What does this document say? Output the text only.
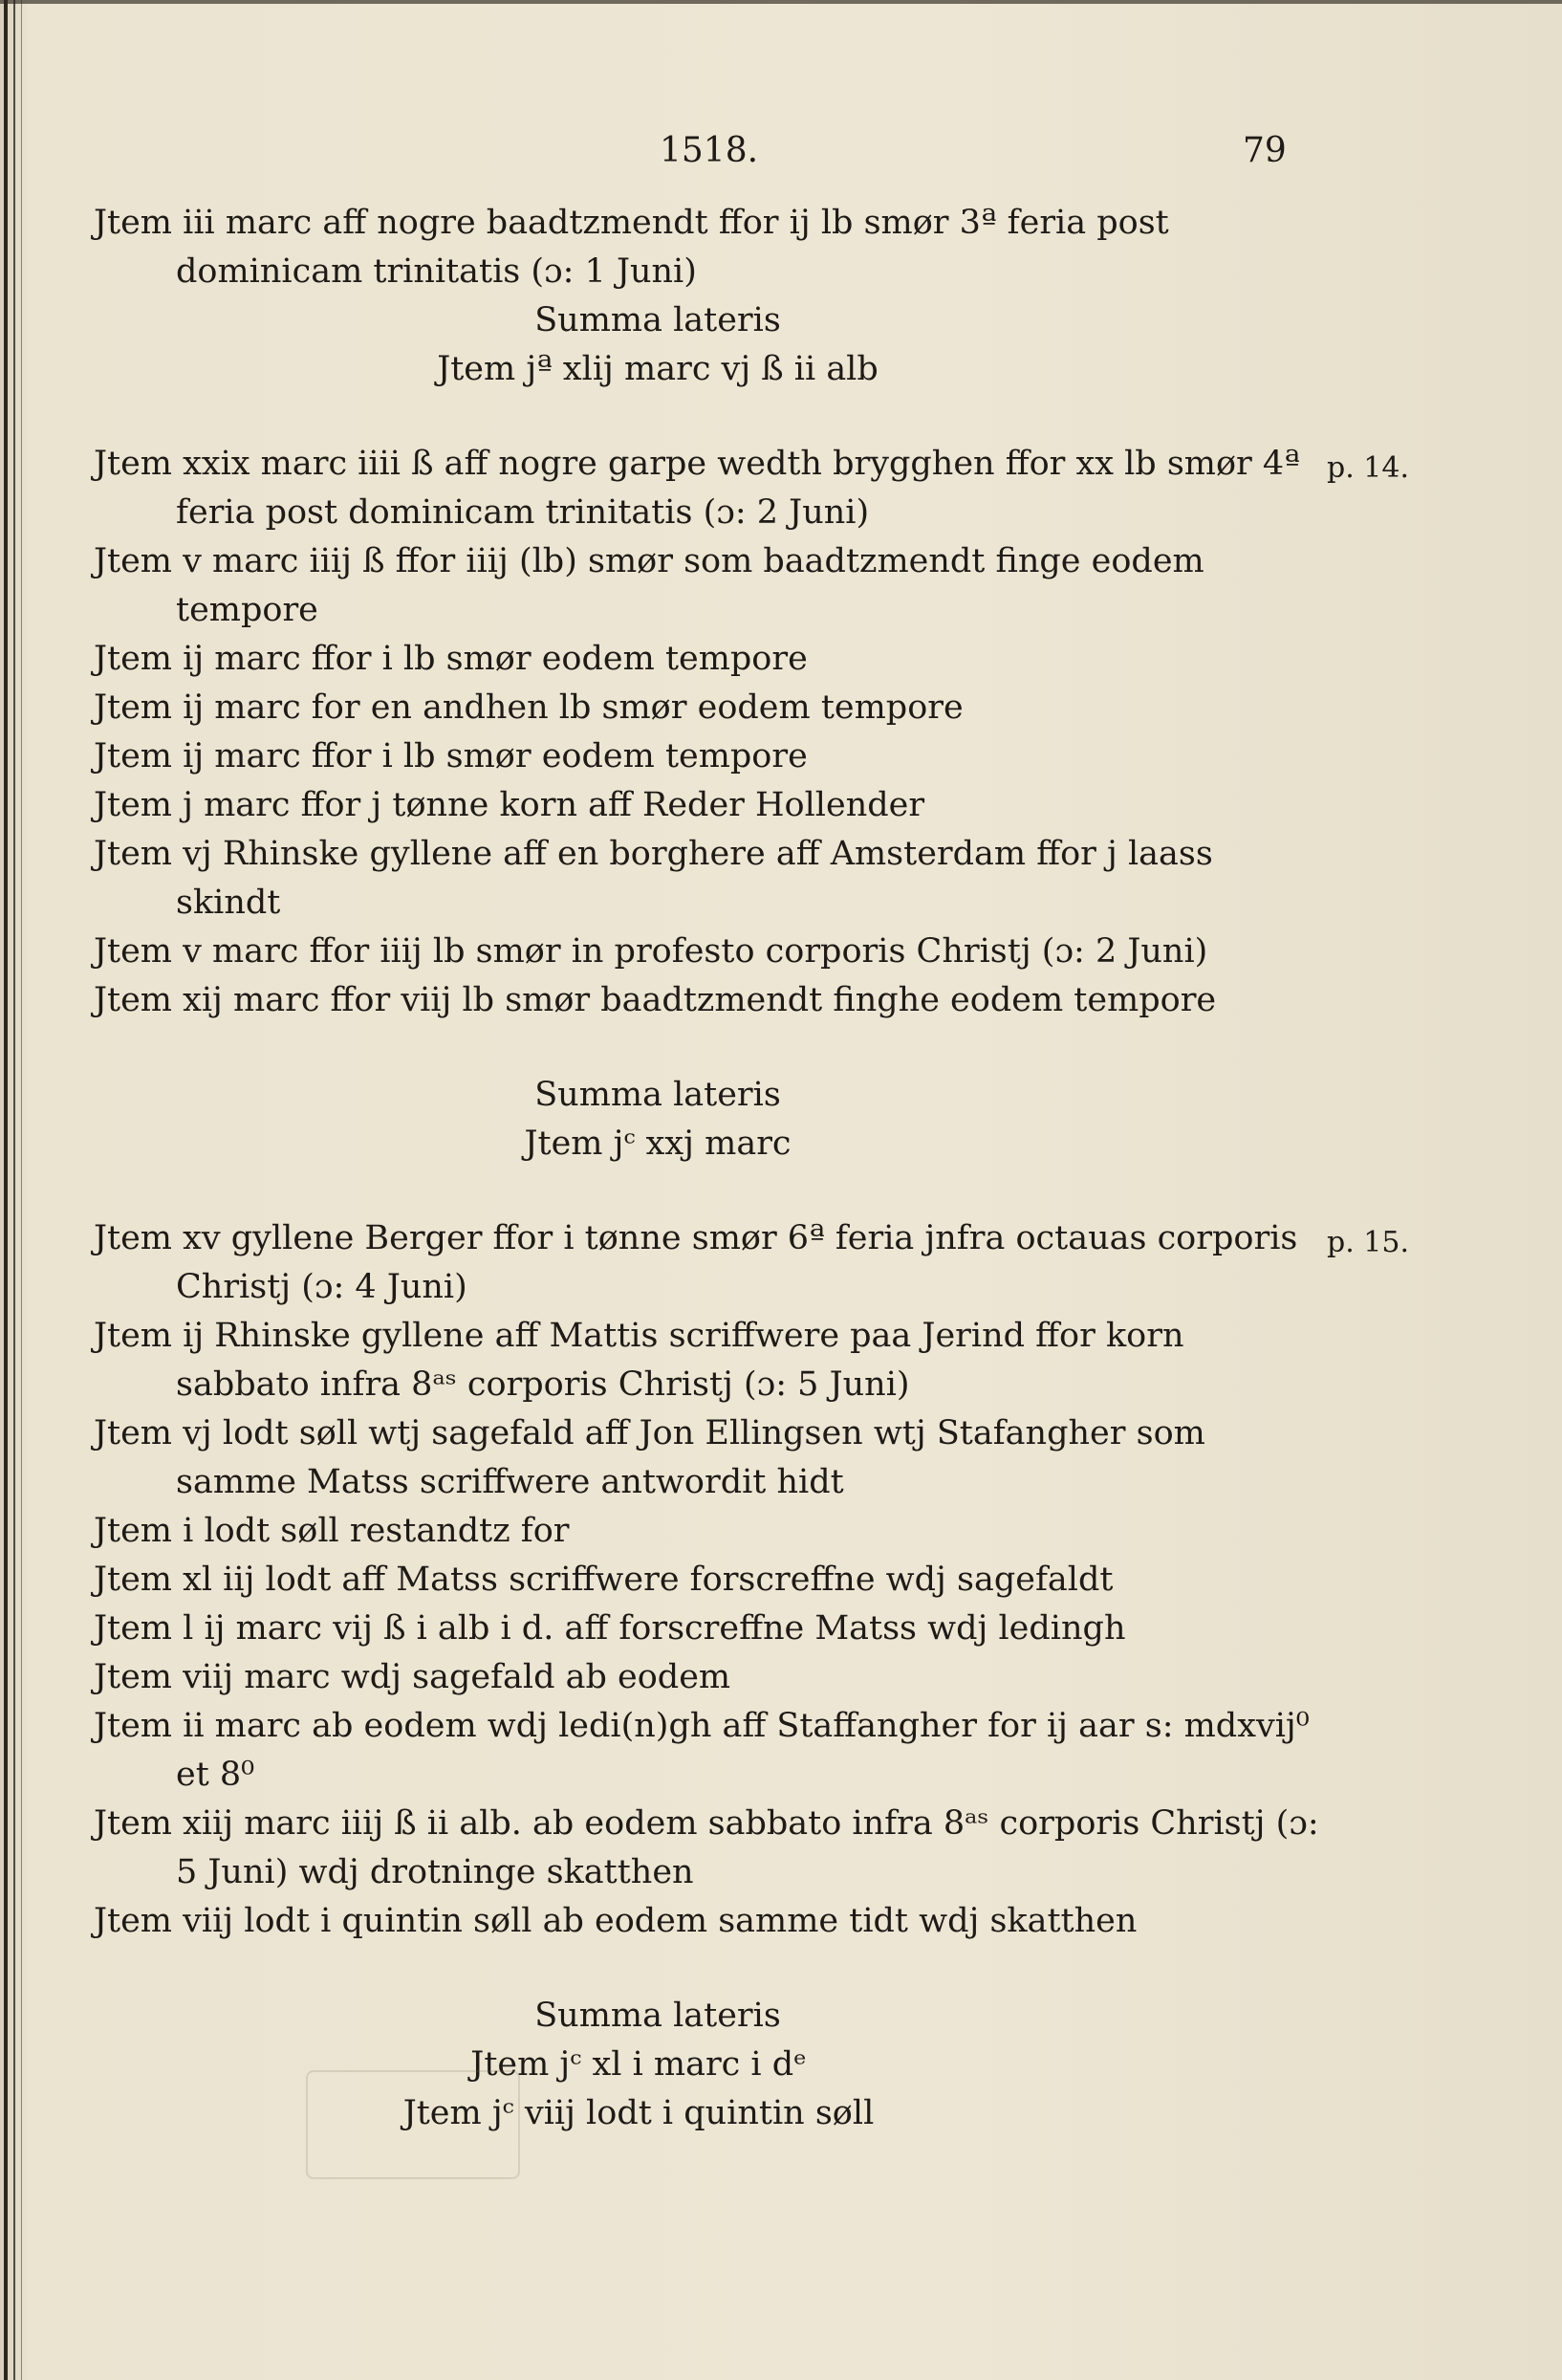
1518.	79
Jtem iii marc aff nogre baadtzmendt ffor ij lb smør 3ª feria post dominicam trinitatis (ɔ: 1 Juni)
Summa lateris
Jtem jª xlij marc vj ß ii alb
Jtem xxix marc iiii ß aff nogre garpe wedth brygghen ffor xx lb smør 4ª feria post dominicam trinitatis (ɔ: 2 Juni)
p. 14.
Jtem v marc iiij ß ffor iiij (lb) smør som baadtzmendt finge eodem tempore
Jtem ij marc ffor i lb smør eodem tempore
Jtem ij marc for en andhen lb smør eodem tempore
Jtem ij marc ffor i lb smør eodem tempore
Jtem j marc ffor j tønne korn aff Reder Hollender
Jtem vj Rhinske gyllene aff en borghere aff Amsterdam ffor j laass skindt
Jtem v marc ffor iiij lb smør in profesto corporis Christj (ɔ: 2 Juni)
Jtem xij marc ffor viij lb smør baadtzmendt finghe eodem tempore
Summa lateris
Jtem jᶜ xxj marc
Jtem xv gyllene Berger ffor i tønne smør 6ª feria jnfra octauas corporis Christj (ɔ: 4 Juni)
p. 15.
Jtem ij Rhinske gyllene aff Mattis scriffwere paa Jerind ffor korn sabbato infra 8ᵃˢ corporis Christj (ɔ: 5 Juni)
Jtem vj lodt søll wtj sagefald aff Jon Ellingsen wtj Stafangher som samme Matss scriffwere antwordit hidt
Jtem i lodt søll restandtz for
Jtem xl iij lodt aff Matss scriffwere forscreffne wdj sagefaldt
Jtem l ij marc vij ß i alb i d. aff forscreffne Matss wdj ledingh
Jtem viij marc wdj sagefald ab eodem
Jtem ii marc ab eodem wdj ledi(n)gh aff Staffangher for ij aar s: mdxvij⁰ et 8⁰
Jtem xiij marc iiij ß ii alb. ab eodem sabbato infra 8ᵃˢ corporis Christj (ɔ: 5 Juni) wdj drotninge skatthen
Jtem viij lodt i quintin søll ab eodem samme tidt wdj skatthen
Summa lateris
Jtem jᶜ xl i marc i dᵉ
Jtem jᶜ viij lodt i quintin søll
